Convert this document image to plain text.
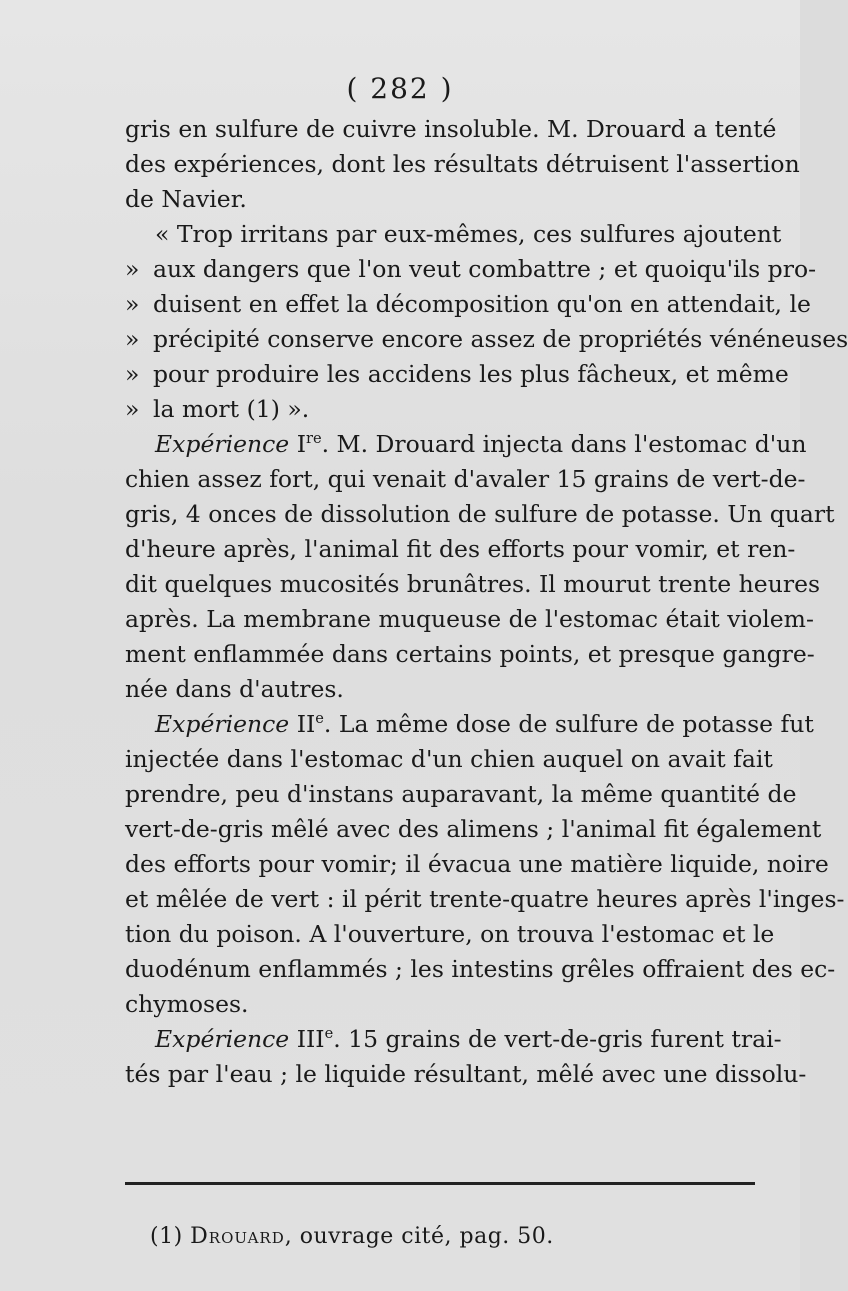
( 282 )
gris en sulfure de cuivre insoluble. M. Drouard a tenté
des expériences, dont les résultats détruisent l'assertion
de Navier.
« Trop irritans par eux-mêmes, ces sulfures ajoutent
» aux dangers que l'on veut combattre ; et quoiqu'ils pro-
» duisent en effet la décomposition qu'on en attendait, le
» précipité conserve encore assez de propriétés vénéneuses
» pour produire les accidens les plus fâcheux, et même
» la mort (1) ».
Expérience Ire. M. Drouard injecta dans l'estomac d'un
chien assez fort, qui venait d'avaler 15 grains de vert-de-
gris, 4 onces de dissolution de sulfure de potasse. Un quart
d'heure après, l'animal fit des efforts pour vomir, et ren-
dit quelques mucosités brunâtres. Il mourut trente heures
après. La membrane muqueuse de l'estomac était violem-
ment enflammée dans certains points, et presque gangre-
née dans d'autres.
Expérience IIe. La même dose de sulfure de potasse fut
injectée dans l'estomac d'un chien auquel on avait fait
prendre, peu d'instans auparavant, la même quantité de
vert-de-gris mêlé avec des alimens ; l'animal fit également
des efforts pour vomir; il évacua une matière liquide, noire
et mêlée de vert : il périt trente-quatre heures après l'inges-
tion du poison. A l'ouverture, on trouva l'estomac et le
duodénum enflammés ; les intestins grêles offraient des ec-
chymoses.
Expérience IIIe. 15 grains de vert-de-gris furent trai-
tés par l'eau ; le liquide résultant, mêlé avec une dissolu-
(1) Drouard, ouvrage cité, pag. 50.
